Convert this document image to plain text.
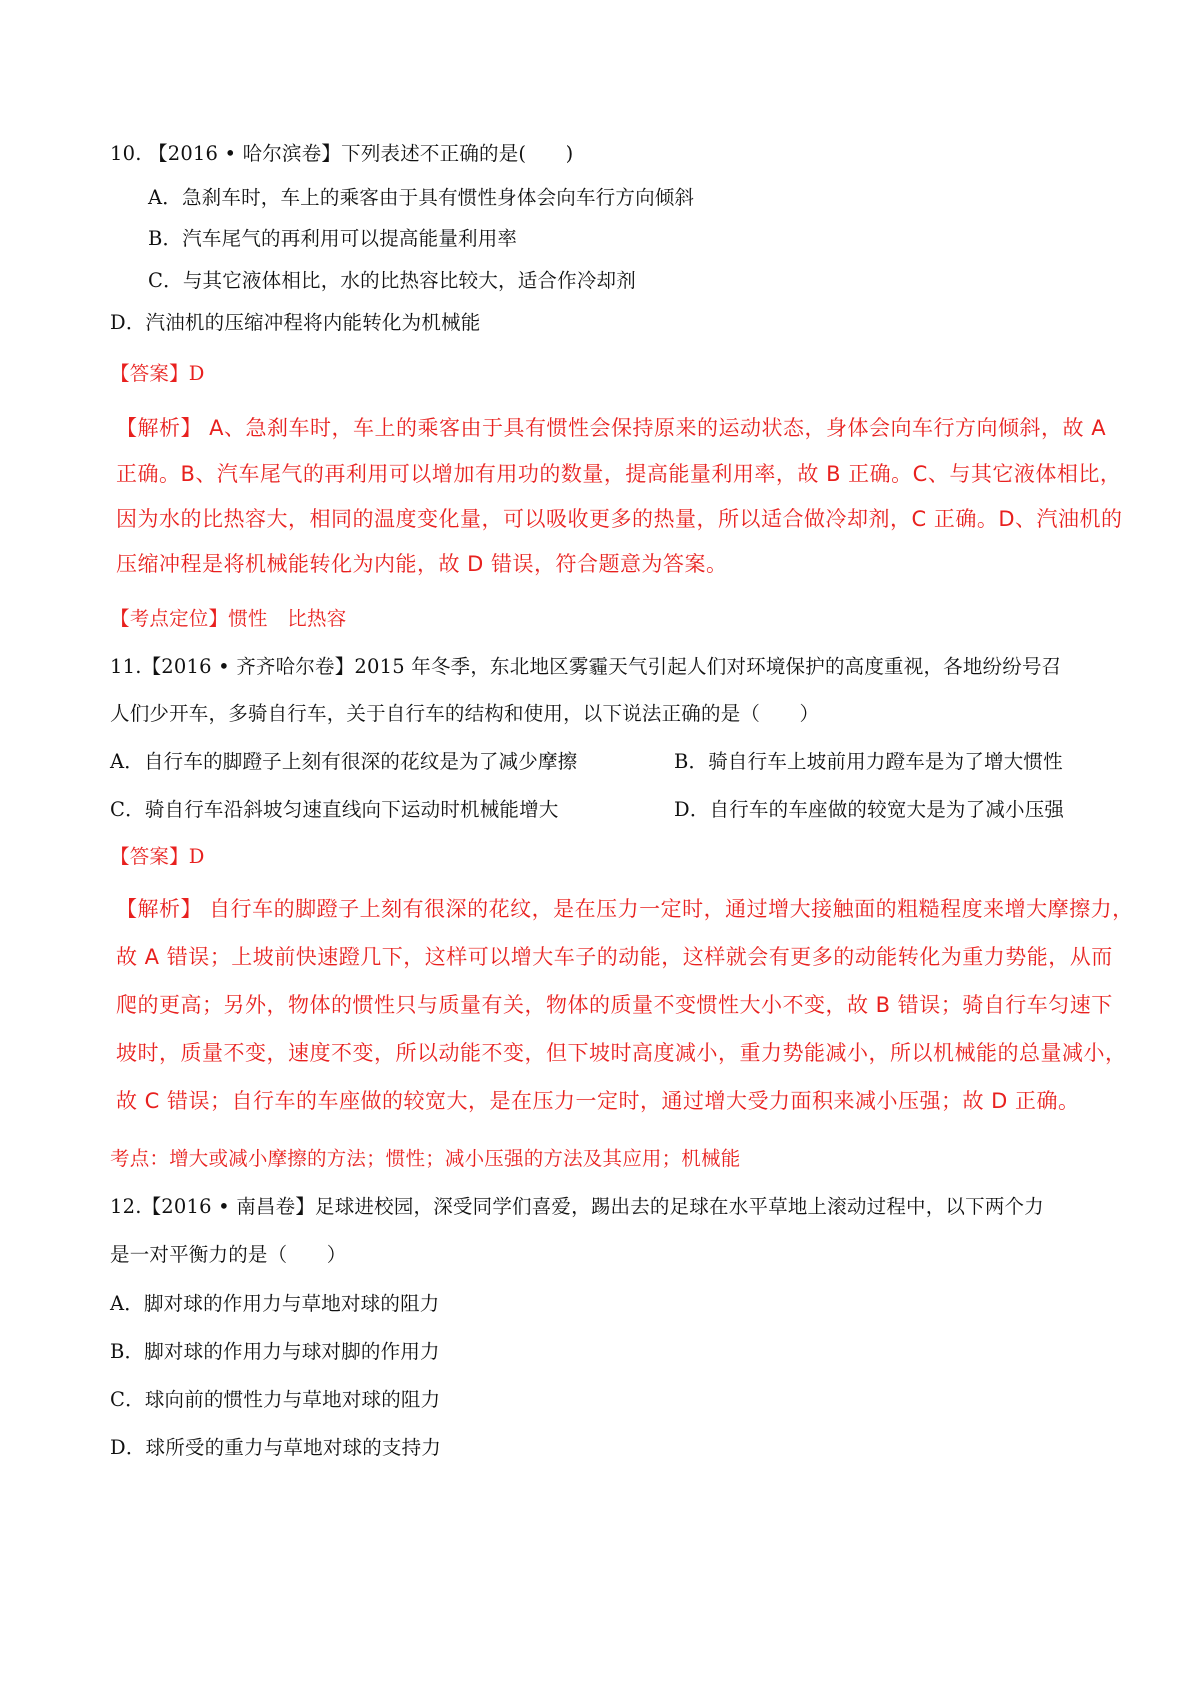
10. 【2016 • 哈尔滨卷】下列表述不正确的是(　　)
A．急刹车时，车上的乘客由于具有惯性身体会向车行方向倾斜
B．汽车尾气的再利用可以提高能量利用率
C．与其它液体相比，水的比热容比较大，适合作冷却剂
D．汽油机的压缩冲程将内能转化为机械能
【答案】D
【解析】 A、急刹车时，车上的乘客由于具有惯性会保持原来的运动状态，身体会向车行方向倾斜，故 A
正确。B、汽车尾气的再利用可以增加有用功的数量，提高能量利用率，故 B 正确。C、与其它液体相比，
因为水的比热容大，相同的温度变化量，可以吸收更多的热量，所以适合做冷却剂，C 正确。D、汽油机的
压缩冲程是将机械能转化为内能，故 D 错误，符合题意为答案。
【考点定位】惯性　比热容
11.【2016 • 齐齐哈尔卷】2015 年冬季，东北地区雾霾天气引起人们对环境保护的高度重视，各地纷纷号召
人们少开车，多骑自行车，关于自行车的结构和使用，以下说法正确的是（　　）
A．自行车的脚蹬子上刻有很深的花纹是为了减少摩擦	B．骑自行车上坡前用力蹬车是为了增大惯性
C．骑自行车沿斜坡匀速直线向下运动时机械能增大	D．自行车的车座做的较宽大是为了减小压强
【答案】D
【解析】 自行车的脚蹬子上刻有很深的花纹，是在压力一定时，通过增大接触面的粗糙程度来增大摩擦力，
故 A 错误；上坡前快速蹬几下，这样可以增大车子的动能，这样就会有更多的动能转化为重力势能，从而
爬的更高；另外，物体的惯性只与质量有关，物体的质量不变惯性大小不变，故 B 错误；骑自行车匀速下
坡时，质量不变，速度不变，所以动能不变，但下坡时高度减小，重力势能减小，所以机械能的总量减小，
故 C 错误；自行车的车座做的较宽大，是在压力一定时，通过增大受力面积来减小压强；故 D 正确。
考点：增大或减小摩擦的方法；惯性；减小压强的方法及其应用；机械能
12.【2016 • 南昌卷】足球进校园，深受同学们喜爱，踢出去的足球在水平草地上滚动过程中，以下两个力
是一对平衡力的是（　　）
A．脚对球的作用力与草地对球的阻力
B．脚对球的作用力与球对脚的作用力
C．球向前的惯性力与草地对球的阻力
D．球所受的重力与草地对球的支持力
